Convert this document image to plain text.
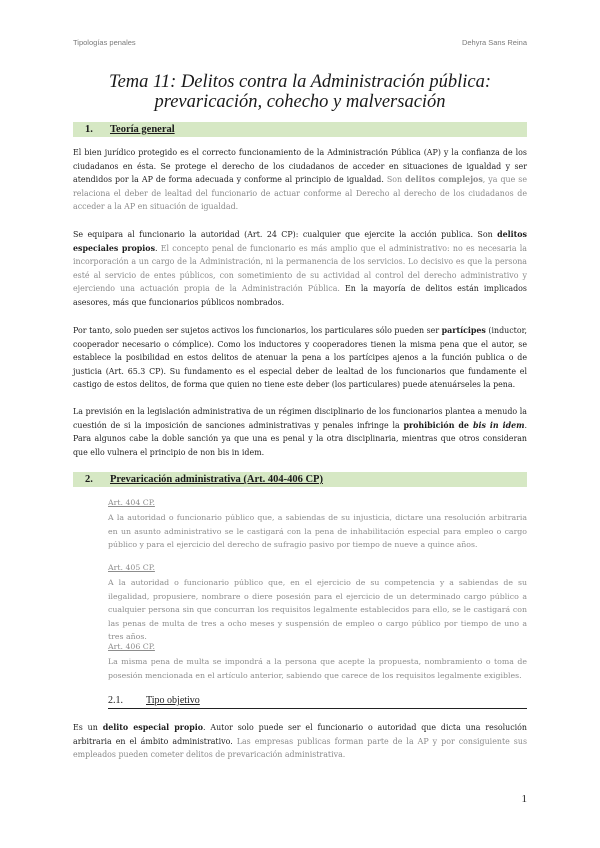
Tipologías penales	Dehyra Sans Reina
Tema 11: Delitos contra la Administración pública: prevaricación, cohecho y malversación
1. Teoría general

El bien jurídico protegido es el correcto funcionamiento de la Administración Pública (AP) y la confianza de los ciudadanos en ésta. Se protege el derecho de los ciudadanos de acceder en situaciones de igualdad y ser atendidos por la AP de forma adecuada y conforme al principio de igualdad. Son delitos complejos, ya que se relaciona el deber de lealtad del funcionario de actuar conforme al Derecho al derecho de los ciudadanos de acceder a la AP en situación de igualdad.

Se equipara al funcionario la autoridad (Art. 24 CP): cualquier que ejercite la acción publica. Son delitos especiales propios. El concepto penal de funcionario es más amplio que el administrativo: no es necesaria la incorporación a un cargo de la Administración, ni la permanencia de los servicios. Lo decisivo es que la persona esté al servicio de entes públicos, con sometimiento de su actividad al control del derecho administrativo y ejerciendo una actuación propia de la Administración Pública. En la mayoría de delitos están implicados asesores, más que funcionarios públicos nombrados.

Por tanto, solo pueden ser sujetos activos los funcionarios, los particulares sólo pueden ser partícipes (inductor, cooperador necesario o cómplice). Como los inductores y cooperadores tienen la misma pena que el autor, se establece la posibilidad en estos delitos de atenuar la pena a los partícipes ajenos a la función publica o de justicia (Art. 65.3 CP). Su fundamento es el especial deber de lealtad de los funcionarios que fundamente el castigo de estos delitos, de forma que quien no tiene este deber (los particulares) puede atenuárseles la pena.

La previsión en la legislación administrativa de un régimen disciplinario de los funcionarios plantea a menudo la cuestión de si la imposición de sanciones administrativas y penales infringe la prohibición de bis in idem. Para algunos cabe la doble sanción ya que una es penal y la otra disciplinaria, mientras que otros consideran que ello vulnera el principio de non bis in idem.

2. Prevaricación administrativa (Art. 404-406 CP)
Art. 404 CP.

A la autoridad o funcionario público que, a sabiendas de su injusticia, dictare una resolución arbitraria en un asunto administrativo se le castigará con la pena de inhabilitación especial para empleo o cargo público y para el ejercicio del derecho de sufragio pasivo por tiempo de nueve a quince años.

Art. 405 CP.

A la autoridad o funcionario público que, en el ejercicio de su competencia y a sabiendas de su ilegalidad, propusiere, nombrare o diere posesión para el ejercicio de un determinado cargo público a cualquier persona sin que concurran los requisitos legalmente establecidos para ello, se le castigará con las penas de multa de tres a ocho meses y suspensión de empleo o cargo público por tiempo de uno a tres años.

Art. 406 CP.

La misma pena de multa se impondrá a la persona que acepte la propuesta, nombramiento o toma de posesión mencionada en el artículo anterior, sabiendo que carece de los requisitos legalmente exigibles.

2.1. Tipo objetivo

Es un delito especial propio. Autor solo puede ser el funcionario o autoridad que dicta una resolución arbitraria en el ámbito administrativo. Las empresas publicas forman parte de la AP y por consiguiente sus empleados pueden cometer delitos de prevaricación administrativa.

1
